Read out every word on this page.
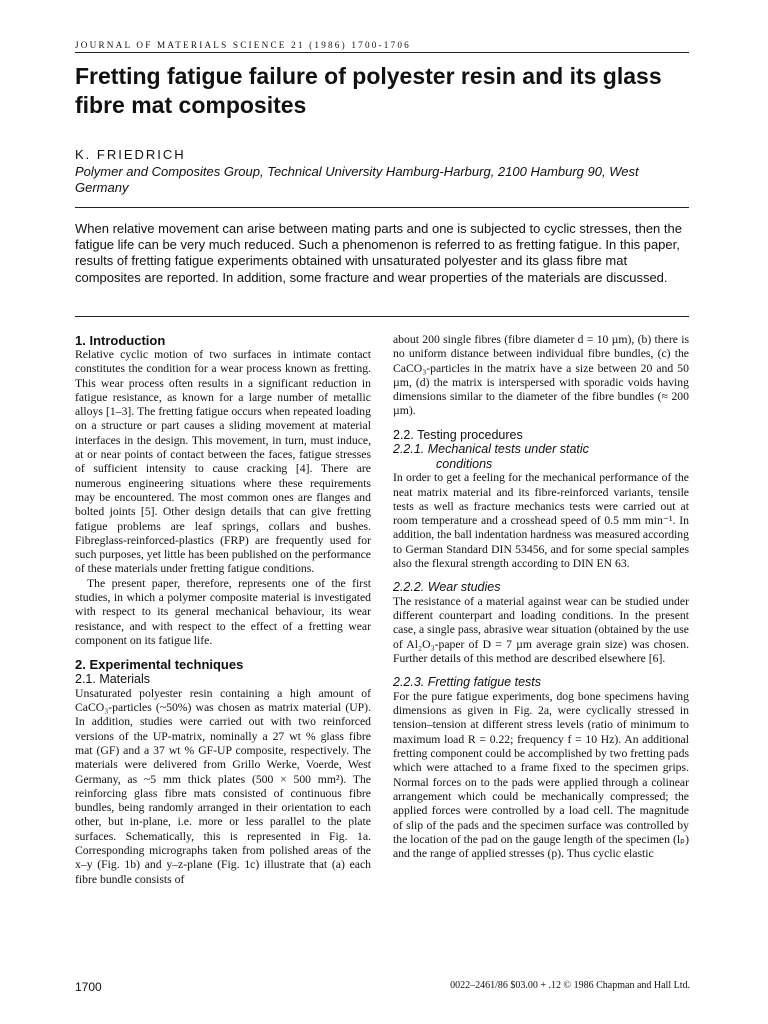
JOURNAL OF MATERIALS SCIENCE 21 (1986) 1700-1706
Fretting fatigue failure of polyester resin and its glass fibre mat composites
K. FRIEDRICH
Polymer and Composites Group, Technical University Hamburg-Harburg, 2100 Hamburg 90, West Germany

When relative movement can arise between mating parts and one is subjected to cyclic stresses, then the fatigue life can be very much reduced. Such a phenomenon is referred to as fretting fatigue. In this paper, results of fretting fatigue experiments obtained with unsaturated polyester and its glass fibre mat composites are reported. In addition, some fracture and wear properties of the materials are discussed.

1. Introduction

Relative cyclic motion of two surfaces in intimate contact constitutes the condition for a wear process known as fretting. This wear process often results in a significant reduction in fatigue resistance, as known for a large number of metallic alloys [1–3]. The fretting fatigue occurs when repeated loading on a structure or part causes a sliding movement at material interfaces in the design. This movement, in turn, must induce, at or near points of contact between the faces, fatigue stresses of sufficient intensity to cause cracking [4]. There are numerous engineering situations where these requirements may be encountered. The most common ones are flanges and bolted joints [5]. Other design details that can give fretting fatigue problems are leaf springs, collars and bushes. Fibreglass-reinforced-plastics (FRP) are frequently used for such purposes, yet little has been published on the performance of these materials under fretting fatigue conditions.

The present paper, therefore, represents one of the first studies, in which a polymer composite material is investigated with respect to its general mechanical behaviour, its wear resistance, and with respect to the effect of a fretting wear component on its fatigue life.

2. Experimental techniques
2.1. Materials

Unsaturated polyester resin containing a high amount of CaCO₃-particles (~50%) was chosen as matrix material (UP). In addition, studies were carried out with two reinforced versions of the UP-matrix, nominally a 27 wt % glass fibre mat (GF) and a 37 wt % GF-UP composite, respectively. The materials were delivered from Grillo Werke, Voerde, West Germany, as ~5 mm thick plates (500 × 500 mm²). The reinforcing glass fibre mats consisted of continuous fibre bundles, being randomly arranged in their orientation to each other, but in-plane, i.e. more or less parallel to the plate surfaces. Schematically, this is represented in Fig. 1a. Corresponding micrographs taken from polished areas of the x–y (Fig. 1b) and y–z-plane (Fig. 1c) illustrate that (a) each fibre bundle consists of

about 200 single fibres (fibre diameter d = 10 µm), (b) there is no uniform distance between individual fibre bundles, (c) the CaCO₃-particles in the matrix have a size between 20 and 50 µm, (d) the matrix is interspersed with sporadic voids having dimensions similar to the diameter of the fibre bundles (≈ 200 µm).

2.2. Testing procedures
2.2.1. Mechanical tests under static
conditions

In order to get a feeling for the mechanical performance of the neat matrix material and its fibre-reinforced variants, tensile tests as well as fracture mechanics tests were carried out at room temperature and a crosshead speed of 0.5 mm min⁻¹. In addition, the ball indentation hardness was measured according to German Standard DIN 53456, and for some special samples also the flexural strength according to DIN EN 63.

2.2.2. Wear studies

The resistance of a material against wear can be studied under different counterpart and loading conditions. In the present case, a single pass, abrasive wear situation (obtained by the use of Al₂O₃-paper of D = 7 µm average grain size) was chosen. Further details of this method are described elsewhere [6].

2.2.3. Fretting fatigue tests

For the pure fatigue experiments, dog bone specimens having dimensions as given in Fig. 2a, were cyclically stressed in tension–tension at different stress levels (ratio of minimum to maximum load R = 0.22; frequency f = 10 Hz). An additional fretting component could be accomplished by two fretting pads which were attached to a frame fixed to the specimen grips. Normal forces on to the pads were applied through a colinear arrangement which could be mechanically compressed; the applied forces were controlled by a load cell. The magnitude of slip of the pads and the specimen surface was controlled by the location of the pad on the gauge length of the specimen (lₚ) and the range of applied stresses (p). Thus cyclic elastic

1700	0022–2461/86 $03.00 + .12 © 1986 Chapman and Hall Ltd.
